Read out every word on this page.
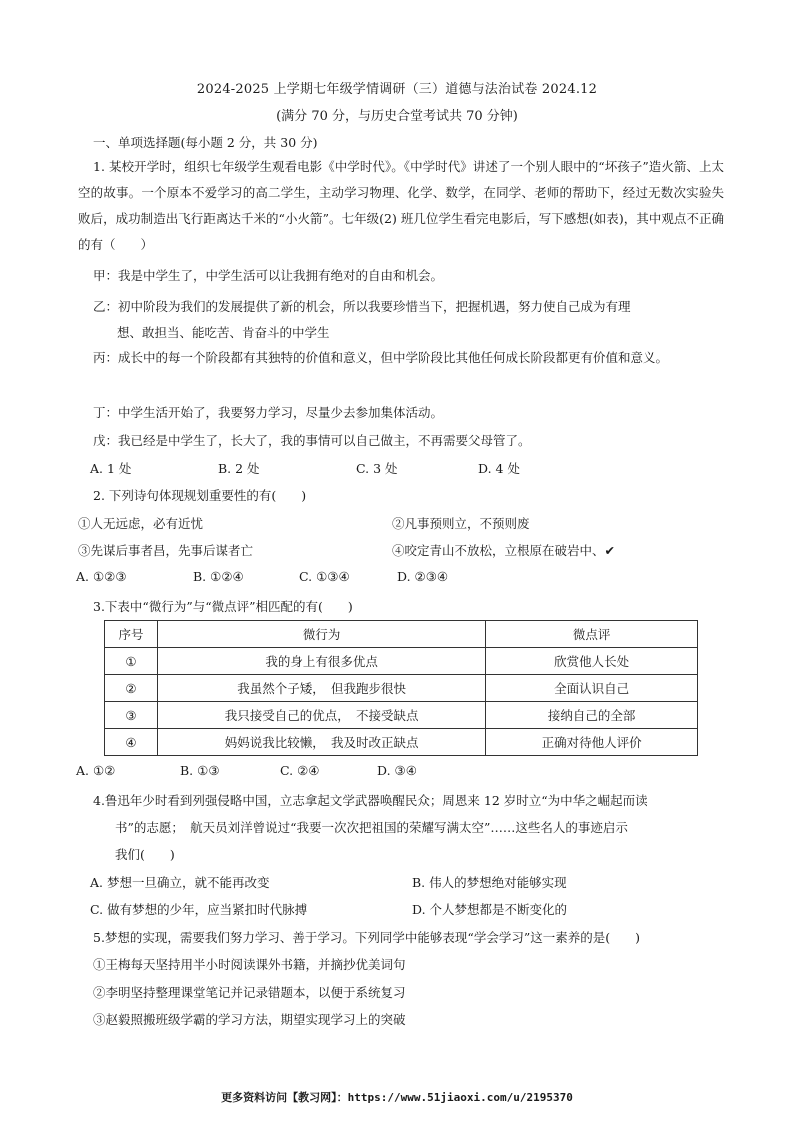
2024-2025 上学期七年级学情调研（三）道德与法治试卷 2024.12
(满分 70 分，与历史合堂考试共 70 分钟)
一、单项选择题(每小题 2 分，共 30 分)
1. 某校开学时，组织七年级学生观看电影《中学时代》。《中学时代》讲述了一个别人眼中的“坏孩子”造火箭、上太空的故事。一个原本不爱学习的高二学生，主动学习物理、化学、数学，在同学、老师的帮助下，经过无数次实验失败后，成功制造出飞行距离达千米的“小火箭”。七年级(2) 班几位学生看完电影后，写下感想(如表)，其中观点不正确的有（　　）
甲：我是中学生了，中学生活可以让我拥有绝对的自由和机会。
乙：初中阶段为我们的发展提供了新的机会，所以我要珍惜当下，把握机遇，努力使自己成为有理
想、敢担当、能吃苦、肯奋斗的中学生
丙：成长中的每一个阶段都有其独特的价值和意义，但中学阶段比其他任何成长阶段都更有价值和意义。
丁：中学生活开始了，我要努力学习，尽量少去参加集体活动。
戊：我已经是中学生了，长大了，我的事情可以自己做主，不再需要父母管了。
A. 1 处	B. 2 处	C. 3 处	D. 4 处
2. 下列诗句体现规划重要性的有(　　)
①人无远虑，必有近忧	②凡事预则立，不预则废
③先谋后事者昌，先事后谋者亡	④咬定青山不放松，立根原在破岩中、✔
A. ①②③	B. ①②④	C. ①③④	D. ②③④
3.下表中“微行为”与“微点评”相匹配的有(　　)
序号	微行为	微点评
①	我的身上有很多优点	欣赏他人长处
②	我虽然个子矮，　但我跑步很快	全面认识自己
③	我只接受自己的优点，　不接受缺点	接纳自己的全部
④	妈妈说我比较懒，　我及时改正缺点	正确对待他人评价
A. ①②	B. ①③	C. ②④	D. ③④
4.鲁迅年少时看到列强侵略中国，立志拿起文学武器唤醒民众；周恩来 12 岁时立“为中华之崛起而读
书”的志愿；　航天员刘洋曾说过“我要一次次把祖国的荣耀写满太空”……这些名人的事迹启示
我们(　　)
A. 梦想一旦确立，就不能再改变	B. 伟人的梦想绝对能够实现
C. 做有梦想的少年，应当紧扣时代脉搏	D. 个人梦想都是不断变化的
5.梦想的实现，需要我们努力学习、善于学习。下列同学中能够表现“学会学习”这一素养的是(　　)
①王梅每天坚持用半小时阅读课外书籍，并摘抄优美词句
②李明坚持整理课堂笔记并记录错题本，以便于系统复习
③赵毅照搬班级学霸的学习方法，期望实现学习上的突破
更多资料访问【教习网】：https://www.51jiaoxi.com/u/2195370
